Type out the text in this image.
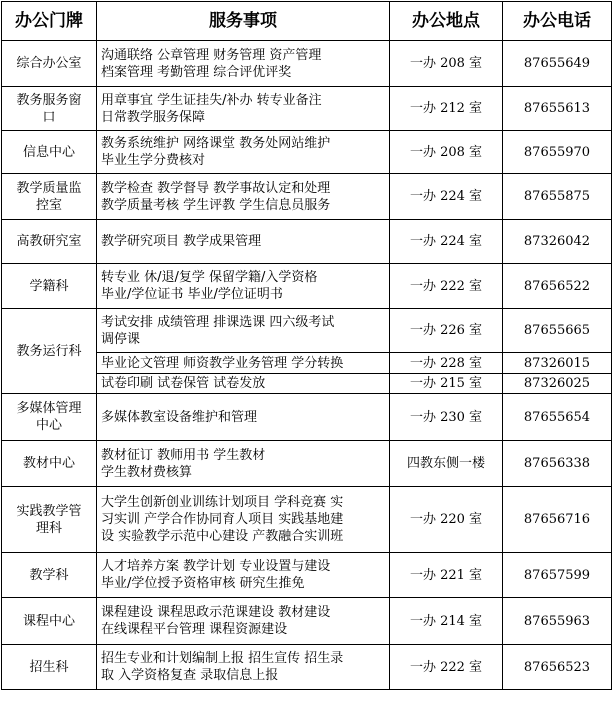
办公门牌	服务事项	办公地点	办公电话

综合办公室	沟通联络 公章管理 财务管理 资产管理
档案管理 考勤管理 综合评优评奖	一办 208 室	87655649

教务服务窗
口	用章事宜 学生证挂失/补办 转专业备注
日常教学服务保障	一办 212 室	87655613

信息中心	教务系统维护 网络课堂 教务处网站维护
毕业生学分费核对	一办 208 室	87655970

教学质量监
控室	教学检查 教学督导 教学事故认定和处理
教学质量考核 学生评教 学生信息员服务	一办 224 室	87655875

高教研究室	教学研究项目 教学成果管理	一办 224 室	87326042

学籍科	转专业 休/退/复学 保留学籍/入学资格
毕业/学位证书 毕业/学位证明书	一办 222 室	87656522

教务运行科	考试安排 成绩管理 排课选课 四六级考试
调停课	一办 226 室	87655665

	毕业论文管理 师资教学业务管理 学分转换	一办 228 室	87326015

	试卷印刷 试卷保管 试卷发放	一办 215 室	87326025

多媒体管理
中心	多媒体教室设备维护和管理	一办 230 室	87655654

教材中心	教材征订 教师用书 学生教材
学生教材费核算	四教东侧一楼	87656338

实践教学管
理科	大学生创新创业训练计划项目 学科竞赛 实
习实训 产学合作协同育人项目 实践基地建
设 实验教学示范中心建设 产教融合实训班	一办 220 室	87656716

教学科	人才培养方案 教学计划 专业设置与建设
毕业/学位授予资格审核 研究生推免	一办 221 室	87657599

课程中心	课程建设 课程思政示范课建设 教材建设
在线课程平台管理 课程资源建设	一办 214 室	87655963

招生科	招生专业和计划编制上报 招生宣传 招生录
取 入学资格复查 录取信息上报	一办 222 室	87656523
